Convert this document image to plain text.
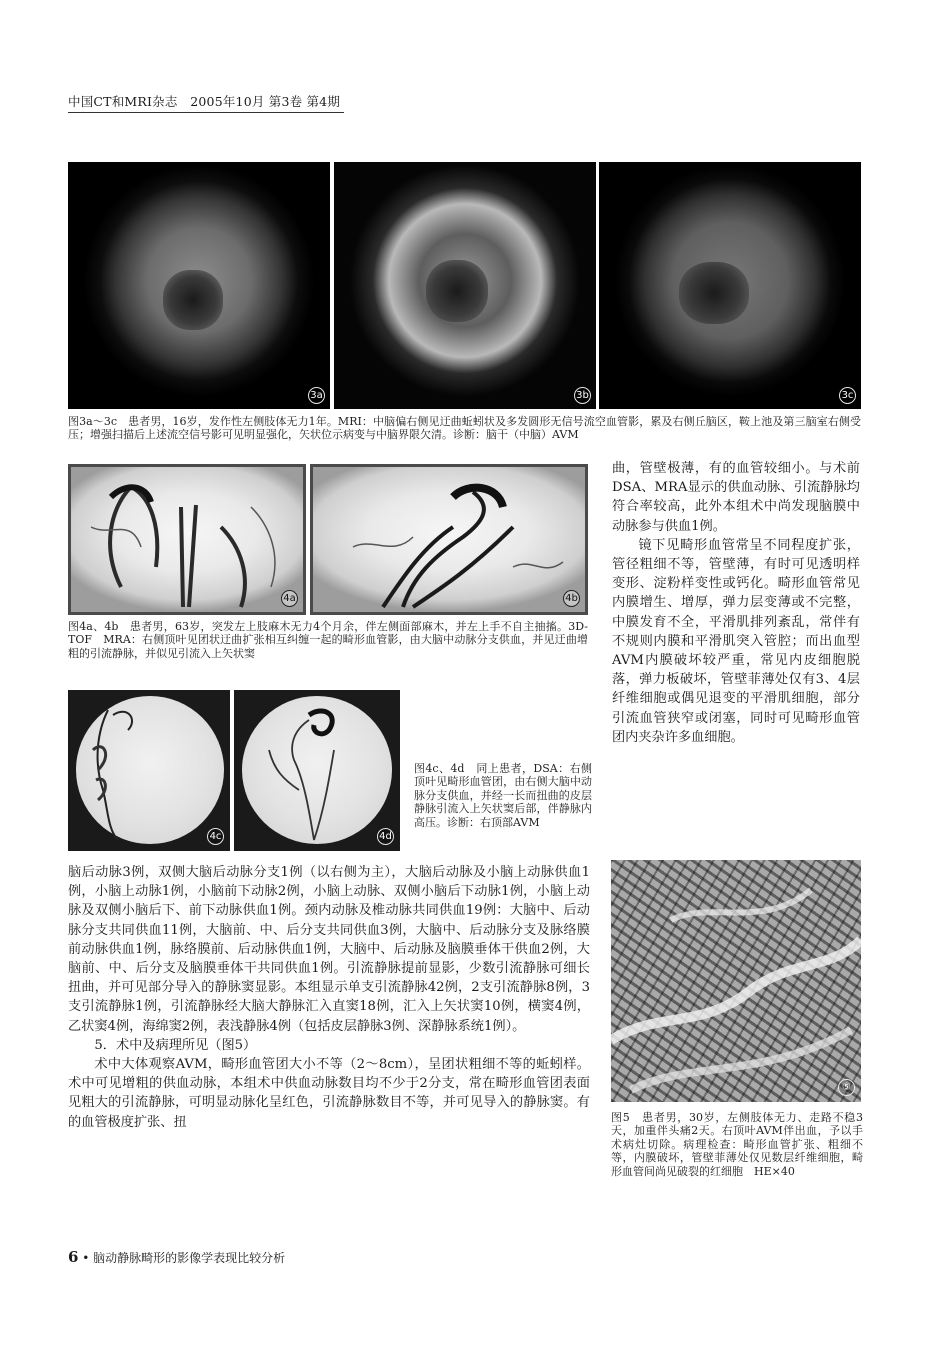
中国CT和MRI杂志　2005年10月 第3卷 第4期
3a	3b	3c
图3a～3c　患者男，16岁，发作性左侧肢体无力1年。MRI：中脑偏右侧见迂曲蚯蚓状及多发圆形无信号流空血管影，累及右侧丘脑区，鞍上池及第三脑室右侧受压；增强扫描后上述流空信号影可见明显强化，矢状位示病变与中脑界限欠清。诊断：脑干（中脑）AVM
4a	4b
图4a、4b　患者男，63岁，突发左上肢麻木无力4个月余，伴左侧面部麻木，并左上手不自主抽搐。3D-TOF　MRA：右侧顶叶见团状迂曲扩张相互纠缠一起的畸形血管影，由大脑中动脉分支供血，并见迂曲增粗的引流静脉，并似见引流入上矢状窦
4c	4d
图4c、4d　同上患者，DSA：右侧顶叶见畸形血管团，由右侧大脑中动脉分支供血，并经一长而扭曲的皮层静脉引流入上矢状窦后部，伴静脉内高压。诊断：右顶部AVM

曲，管壁极薄，有的血管较细小。与术前DSA、MRA显示的供血动脉、引流静脉均符合率较高，此外本组术中尚发现脑膜中动脉参与供血1例。

镜下见畸形血管常呈不同程度扩张，管径粗细不等，管壁薄，有时可见透明样变形、淀粉样变性或钙化。畸形血管常见内膜增生、增厚，弹力层变薄或不完整，中膜发育不全，平滑肌排列紊乱，常伴有不规则内膜和平滑肌突入管腔；而出血型AVM内膜破坏较严重，常见内皮细胞脱落，弹力板破坏，管壁菲薄处仅有3、4层纤维细胞或偶见退变的平滑肌细胞，部分引流血管狭窄或闭塞，同时可见畸形血管团内夹杂许多血细胞。

脑后动脉3例，双侧大脑后动脉分支1例（以右侧为主），大脑后动脉及小脑上动脉供血1例，小脑上动脉1例，小脑前下动脉2例，小脑上动脉、双侧小脑后下动脉1例，小脑上动脉及双侧小脑后下、前下动脉供血1例。颈内动脉及椎动脉共同供血19例：大脑中、后动脉分支共同供血11例，大脑前、中、后分支共同供血3例，大脑中、后动脉分支及脉络膜前动脉供血1例，脉络膜前、后动脉供血1例，大脑中、后动脉及脑膜垂体干供血2例，大脑前、中、后分支及脑膜垂体干共同供血1例。引流静脉提前显影，少数引流静脉可细长扭曲，并可见部分导入的静脉窦显影。本组显示单支引流静脉42例，2支引流静脉8例，3支引流静脉1例，引流静脉经大脑大静脉汇入直窦18例，汇入上矢状窦10例，横窦4例，乙状窦4例，海绵窦2例，表浅静脉4例（包括皮层静脉3例、深静脉系统1例）。

5．术中及病理所见（图5）

术中大体观察AVM，畸形血管团大小不等（2～8cm），呈团状粗细不等的蚯蚓样。术中可见增粗的供血动脉，本组术中供血动脉数目均不少于2分支，常在畸形血管团表面见粗大的引流静脉，可明显动脉化呈红色，引流静脉数目不等，并可见导入的静脉窦。有的血管极度扩张、扭

⑤
图5　患者男，30岁，左侧肢体无力、走路不稳3天，加重伴头痛2天。右顶叶AVM伴出血，予以手术病灶切除。病理检查：畸形血管扩张、粗细不等，内膜破坏，管壁菲薄处仅见数层纤维细胞，畸形血管间尚见破裂的红细胞　HE×40
6 • 脑动静脉畸形的影像学表现比较分析
